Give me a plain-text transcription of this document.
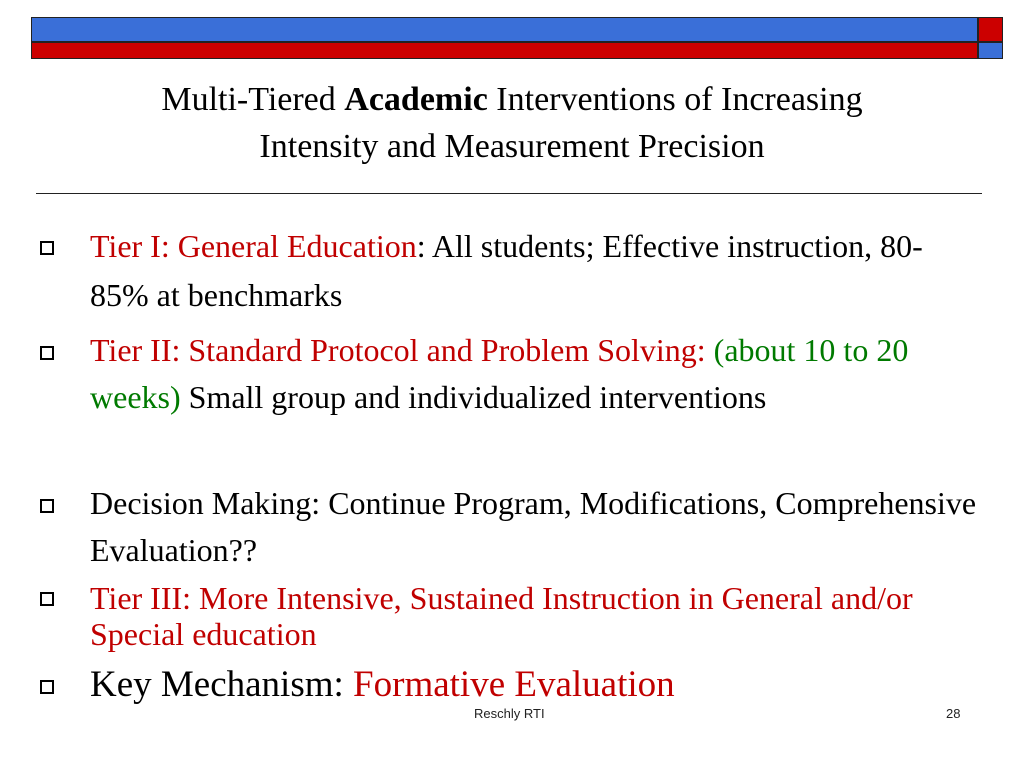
Multi-Tiered Academic Interventions of Increasing
Intensity and Measurement Precision
Tier I: General Education: All students; Effective instruction, 80-85% at benchmarks
Tier II: Standard Protocol and Problem Solving: (about 10 to 20 weeks) Small group and individualized interventions
Decision Making: Continue Program, Modifications, Comprehensive Evaluation??
Tier III: More Intensive, Sustained Instruction in General and/or Special education
Key Mechanism: Formative Evaluation
Reschly RTI	28
